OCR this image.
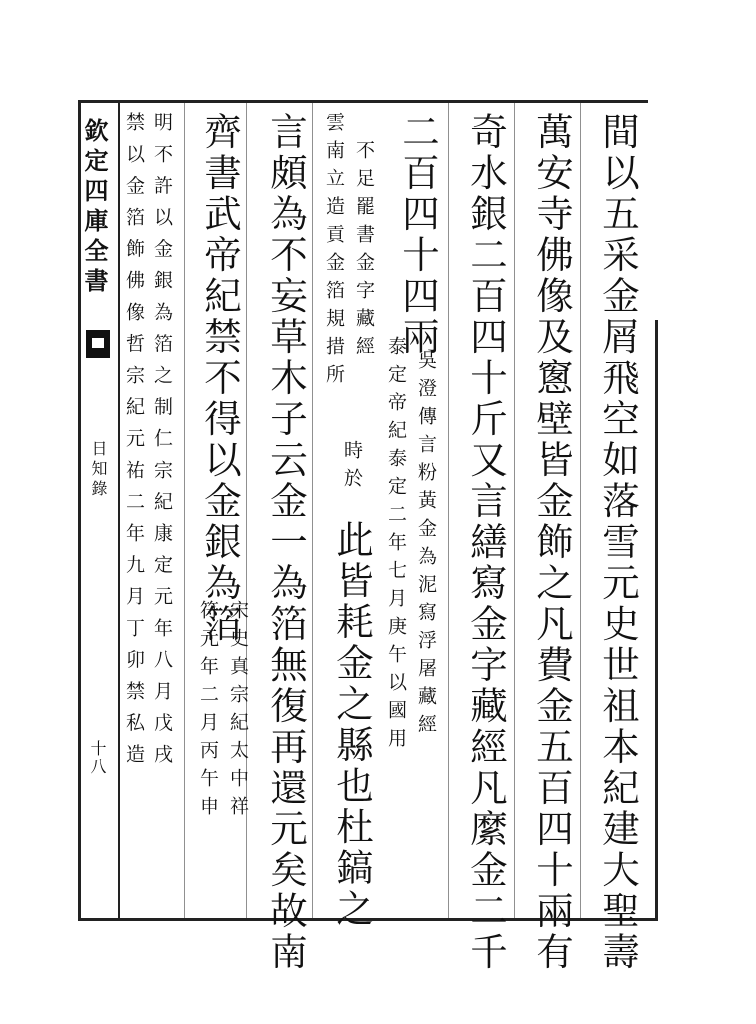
欽定四庫全書
日知錄
十八	間以五采金屑飛空如落雪元史世祖本紀建大聖壽
萬安寺佛像及窻壁皆金飾之凡費金五百四十兩有
奇水銀二百四十斤又言繕寫金字藏經凡縻金二千
二百四十四兩
吳澄傳言粉黃金為泥寫浮屠藏經
泰定帝紀泰定二年七月庚午以國用
不足罷書金字藏經
雲南立造貢金箔規措所
時於
此皆耗金之縣也杜鎬之
言頗為不妄草木子云金一為箔無復再還元矣故南
齊書武帝紀禁不得以金銀為箔
宋史真宗紀太中祥
符元年二月丙午申
明不許以金銀為箔之制仁宗紀康定元年八月戊戌
禁以金箔飾佛像哲宗紀元祐二年九月丁卯禁私造
